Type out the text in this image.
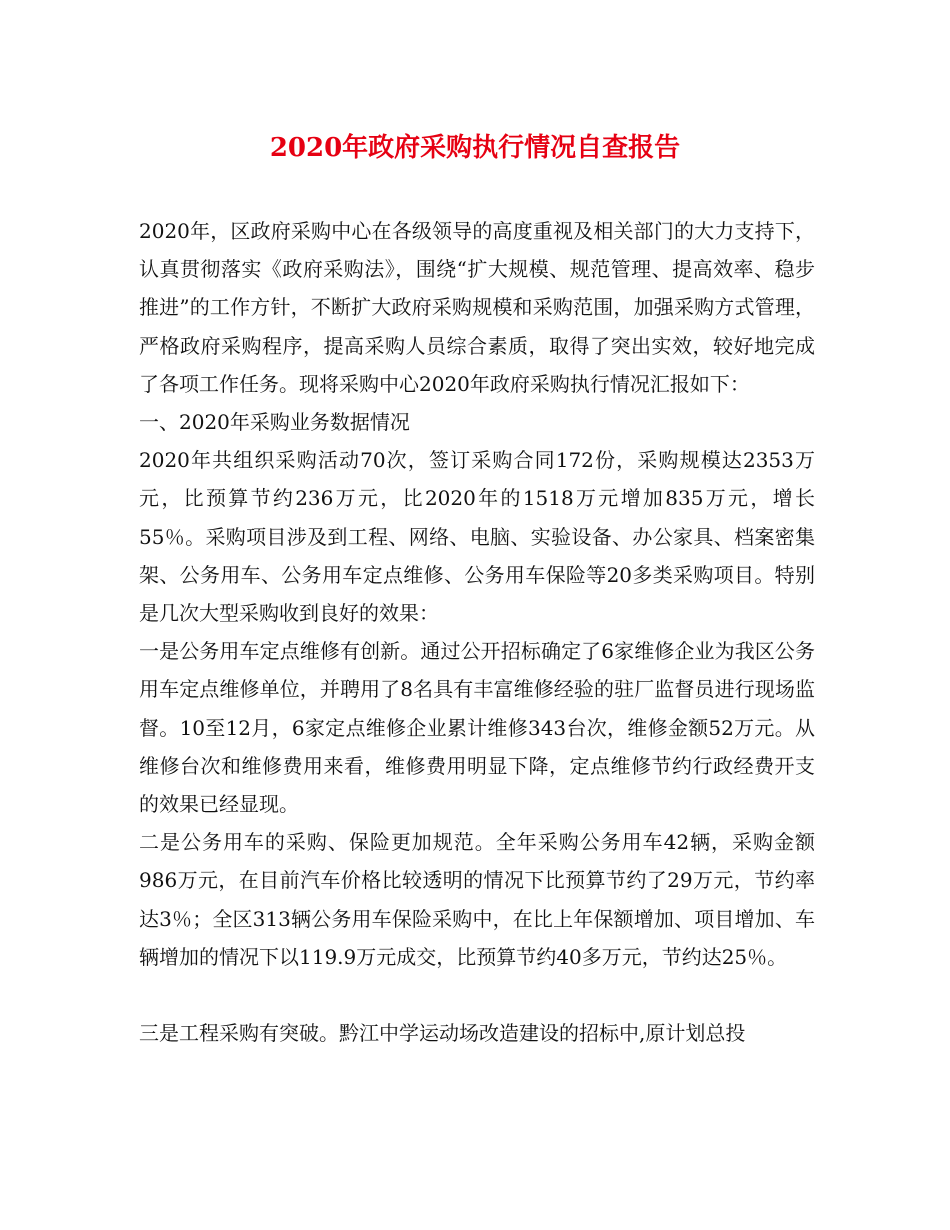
2020年政府采购执行情况自查报告

2020年，区政府采购中心在各级领导的高度重视及相关部门的大力支持下，认真贯彻落实《政府采购法》，围绕“扩大规模、规范管理、提高效率、稳步推进”的工作方针，不断扩大政府采购规模和采购范围，加强采购方式管理，严格政府采购程序，提高采购人员综合素质，取得了突出实效，较好地完成了各项工作任务。现将采购中心2020年政府采购执行情况汇报如下：

一、2020年采购业务数据情况

2020年共组织采购活动70次，签订采购合同172份，采购规模达2353万元，比预算节约236万元，比2020年的1518万元增加835万元，增长55％。采购项目涉及到工程、网络、电脑、实验设备、办公家具、档案密集架、公务用车、公务用车定点维修、公务用车保险等20多类采购项目。特别是几次大型采购收到良好的效果：

一是公务用车定点维修有创新。通过公开招标确定了6家维修企业为我区公务用车定点维修单位，并聘用了8名具有丰富维修经验的驻厂监督员进行现场监督。10至12月，6家定点维修企业累计维修343台次，维修金额52万元。从维修台次和维修费用来看，维修费用明显下降，定点维修节约行政经费开支的效果已经显现。

二是公务用车的采购、保险更加规范。全年采购公务用车42辆，采购金额986万元，在目前汽车价格比较透明的情况下比预算节约了29万元，节约率达3％；全区313辆公务用车保险采购中，在比上年保额增加、项目增加、车辆增加的情况下以119.9万元成交，比预算节约40多万元，节约达25％。

三是工程采购有突破。黔江中学运动场改造建设的招标中,原计划总投
